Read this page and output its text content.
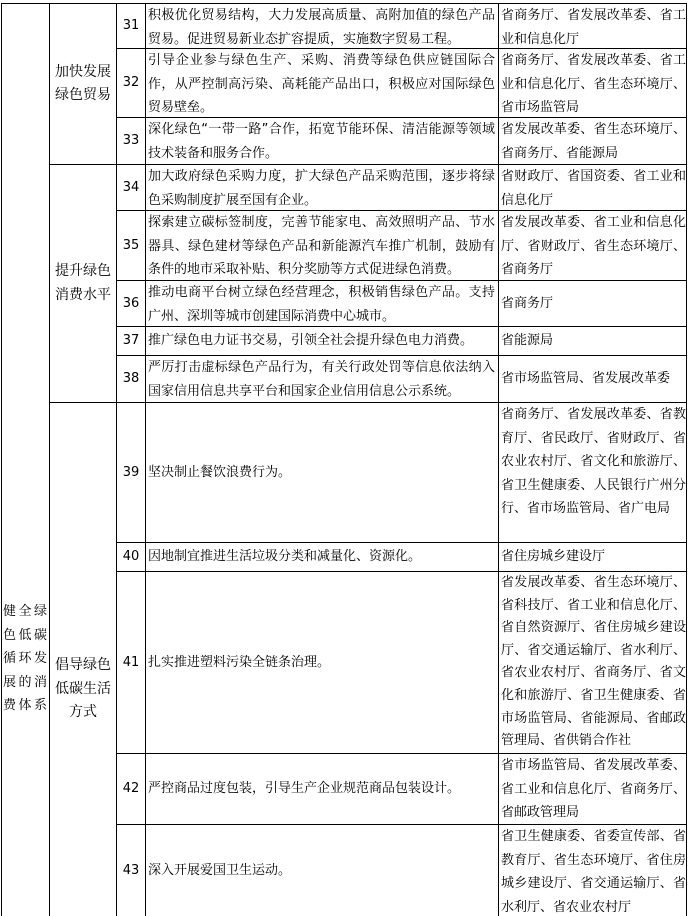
健全绿色低碳循环发展的消费体系
加快发展绿色贸易
提升绿色消费水平
倡导绿色低碳生活方式
31
积极优化贸易结构，大力发展高质量、高附加值的绿色产品贸易。促进贸易新业态扩容提质，实施数字贸易工程。
省商务厅、省发展改革委、省工业和信息化厅
32
引导企业参与绿色生产、采购、消费等绿色供应链国际合作，从严控制高污染、高耗能产品出口，积极应对国际绿色贸易壁垒。
省商务厅、省发展改革委、省工业和信息化厅、省生态环境厅、省市场监管局
33
深化绿色“一带一路”合作，拓宽节能环保、清洁能源等领域技术装备和服务合作。
省发展改革委、省生态环境厅、省商务厅、省能源局
34
加大政府绿色采购力度，扩大绿色产品采购范围，逐步将绿色采购制度扩展至国有企业。
省财政厅、省国资委、省工业和信息化厅
35
探索建立碳标签制度，完善节能家电、高效照明产品、节水器具、绿色建材等绿色产品和新能源汽车推广机制，鼓励有条件的地市采取补贴、积分奖励等方式促进绿色消费。
省发展改革委、省工业和信息化厅、省财政厅、省生态环境厅、省商务厅
36
推动电商平台树立绿色经营理念，积极销售绿色产品。支持广州、深圳等城市创建国际消费中心城市。
省商务厅
37 推广绿色电力证书交易，引领全社会提升绿色电力消费。	省能源局
38
严厉打击虚标绿色产品行为，有关行政处罚等信息依法纳入国家信用信息共享平台和国家企业信用信息公示系统。
省市场监管局、省发展改革委
39 坚决制止餐饮浪费行为。
省商务厅、省发展改革委、省教育厅、省民政厅、省财政厅、省农业农村厅、省文化和旅游厅、省卫生健康委、人民银行广州分行、省市场监管局、省广电局
40 因地制宜推进生活垃圾分类和减量化、资源化。	省住房城乡建设厅
41 扎实推进塑料污染全链条治理。
省发展改革委、省生态环境厅、省科技厅、省工业和信息化厅、省自然资源厅、省住房城乡建设厅、省交通运输厅、省水利厅、省农业农村厅、省商务厅、省文化和旅游厅、省卫生健康委、省市场监管局、省能源局、省邮政管理局、省供销合作社
42 严控商品过度包装，引导生产企业规范商品包装设计。
省市场监管局、省发展改革委、省工业和信息化厅、省商务厅、省邮政管理局
43 深入开展爱国卫生运动。
省卫生健康委、省委宣传部、省教育厅、省生态环境厅、省住房城乡建设厅、省交通运输厅、省水利厅、省农业农村厅
